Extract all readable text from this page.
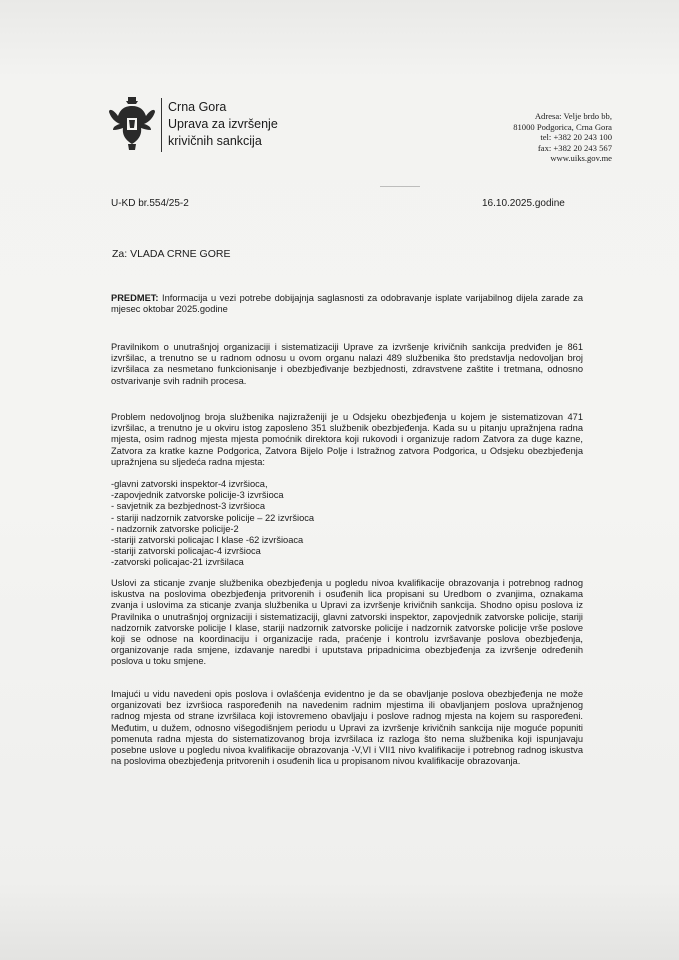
Crna Gora
Uprava za izvršenje
krivičnih sankcija
Adresa: Velje brdo bb,
81000 Podgorica, Crna Gora
tel: +382 20 243 100
fax: +382 20 243 567
www.uiks.gov.me
U-KD br.554/25-2	16.10.2025.godine
Za: VLADA CRNE GORE
PREDMET: Informacija u vezi potrebe dobijajnja saglasnosti za odobravanje isplate varijabilnog dijela zarade za mjesec oktobar 2025.godine
Pravilnikom o unutrašnjoj organizaciji i sistematizaciji Uprave za izvršenje krivičnih sankcija predviđen je 861 izvršilac, a trenutno se u radnom odnosu u ovom organu nalazi 489 službenika što predstavlja nedovoljan broj izvršilaca za nesmetano funkcionisanje i obezbjeđivanje bezbjednosti, zdravstvene zaštite i tretmana, odnosno ostvarivanje svih radnih procesa.
Problem nedovoljnog broja službenika najizraženiji je u Odsjeku obezbjeđenja u kojem je sistematizovan 471 izvršilac, a trenutno je u okviru istog zaposleno 351 službenik obezbjeđenja. Kada su u pitanju upražnjena radna mjesta, osim radnog mjesta mjesta pomoćnik direktora koji rukovodi i organizuje radom Zatvora za duge kazne, Zatvora za kratke kazne Podgorica, Zatvora Bijelo Polje i Istražnog zatvora Podgorica, u Odsjeku obezbjeđenja upražnjena su sljedeća radna mjesta:
-glavni zatvorski inspektor-4 izvršioca,
-zapovjednik zatvorske policije-3 izvršioca
- savjetnik za bezbjednost-3 izvršioca
- stariji nadzornik zatvorske policije – 22 izvršioca
- nadzornik zatvorske policije-2
-stariji zatvorski policajac I klase -62 izvršioaca
-stariji zatvorski policajac-4 izvršioca
-zatvorski policajac-21 izvršilaca
Uslovi za sticanje zvanje službenika obezbjeđenja u pogledu nivoa kvalifikacije obrazovanja i potrebnog radnog iskustva na poslovima obezbjeđenja pritvorenih i osuđenih lica propisani su Uredbom o zvanjima, oznakama zvanja i uslovima za sticanje zvanja službenika u Upravi za izvršenje krivičnih sankcija. Shodno opisu poslova iz Pravilnika o unutrašnjoj orgnizaciji i sistematizaciji, glavni zatvorski inspektor, zapovjednik zatvorske policije, stariji nadzornik zatvorske policije I klase, stariji nadzornik zatvorske policije i nadzornik zatvorske policije vrše poslove koji se odnose na koordinaciju i organizacije rada, praćenje i kontrolu izvršavanje poslova obezbjeđenja, organizovanje rada smjene, izdavanje naredbi i uputstava pripadnicima obezbjeđenja za izvršenje određenih poslova u toku smjene.
Imajući u vidu navedeni opis poslova i ovlašćenja evidentno je da se obavljanje poslova obezbjeđenja ne može organizovati bez izvršioca raspoređenih na navedenim radnim mjestima ili obavljanjem poslova upražnjenog radnog mjesta od strane izvršilaca koji istovremeno obavljaju i poslove radnog mjesta na kojem su raspoređeni. Međutim, u dužem, odnosno višegodišnjem periodu u Upravi za izvršenje krivičnih sankcija nije moguće popuniti pomenuta radna mjesta do sistematizovanog broja izvršilaca iz razloga što nema službenika koji ispunjavaju posebne uslove u pogledu nivoa kvalifikacije obrazovanja -V,VI i VII1 nivo kvalifikacije i potrebnog radnog iskustva na poslovima obezbjeđenja pritvorenih i osuđenih lica u propisanom nivou kvalifikacije obrazovanja.
